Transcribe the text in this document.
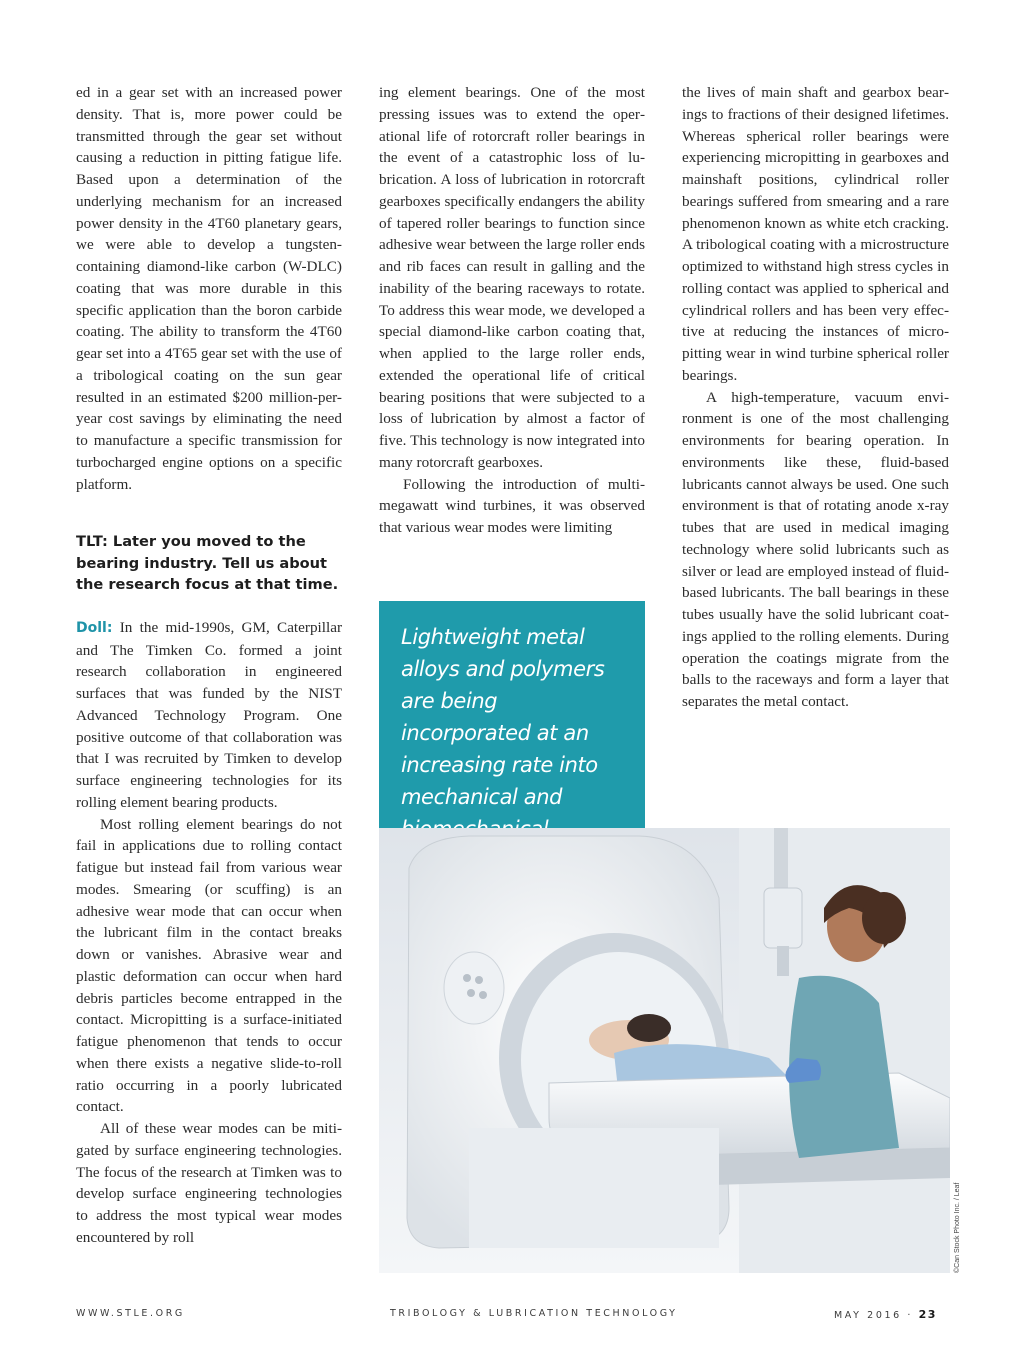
ed in a gear set with an increased power density. That is, more power could be transmitted through the gear set without causing a reduction in pitting fatigue life. Based upon a determination of the underlying mechanism for an increased power density in the 4T60 planetary gears, we were able to develop a tungsten-containing diamond-like carbon (W-DLC) coating that was more durable in this specific application than the boron carbide coating. The ability to transform the 4T60 gear set into a 4T65 gear set with the use of a tribological coating on the sun gear resulted in an estimated $200 million-per-year cost savings by eliminating the need to manufacture a specific transmission for turbocharged engine options on a specific platform.

TLT: Later you moved to the bearing industry. Tell us about the research focus at that time.

Doll: In the mid-1990s, GM, Caterpillar and The Timken Co. formed a joint research collaboration in engineered surfaces that was funded by the NIST Advanced Technology Program. One positive outcome of that collaboration was that I was recruited by Timken to develop surface engineering technologies for its rolling element bearing products.

Most rolling element bearings do not fail in applications due to rolling contact fatigue but instead fail from various wear modes. Smearing (or scuffing) is an adhesive wear mode that can occur when the lubricant film in the contact breaks down or vanishes. Abrasive wear and plastic deformation can occur when hard debris particles become entrapped in the contact. Micropitting is a surface-initiated fatigue phenomenon that tends to occur when there exists a negative slide-to-roll ratio occurring in a poorly lubricated contact.

All of these wear modes can be mitigated by surface engineering technologies. The focus of the research at Timken was to develop surface engineering technologies to address the most typical wear modes encountered by roll

ing element bearings. One of the most pressing issues was to extend the operational life of rotorcraft roller bearings in the event of a catastrophic loss of lubrication. A loss of lubrication in rotorcraft gearboxes specifically endangers the ability of tapered roller bearings to function since adhesive wear between the large roller ends and rib faces can result in galling and the inability of the bearing raceways to rotate. To address this wear mode, we developed a special diamond-like carbon coating that, when applied to the large roller ends, extended the operational life of critical bearing positions that were subjected to a loss of lubrication by almost a factor of five. This technology is now integrated into many rotorcraft gearboxes.

Following the introduction of multimegawatt wind turbines, it was observed that various wear modes were limiting

Lightweight metal alloys and polymers are being incorporated at an increasing rate into mechanical and

the lives of main shaft and gearbox bearings to fractions of their designed lifetimes. Whereas spherical roller bearings were experiencing micropitting in gearboxes and mainshaft positions, cylindrical roller bearings suffered from smearing and a rare phenomenon known as white etch cracking. A tribological coating with a microstructure optimized to withstand high stress cycles in rolling contact was applied to spherical and cylindrical rollers and has been very effective at reducing the instances of micropitting wear in wind turbine spherical roller bearings.

A high-temperature, vacuum environment is one of the most challenging environments for bearing operation. In environments like these, fluid-based lubricants cannot always be used. One such environment is that of rotating anode x-ray tubes that are used in medical imaging technology where solid lubricants such as silver or lead are employed instead of fluid-based lubricants. The ball bearings in these tubes usually have the solid lubricant coatings applied to the rolling elements. During operation the coatings migrate from the balls to the raceways and form a layer that separates the metal contact.

©Can Stock Photo Inc. / Leaf
WWW.STLE.ORG	TRIBOLOGY & LUBRICATION TECHNOLOGY	MAY 2016 · 23
